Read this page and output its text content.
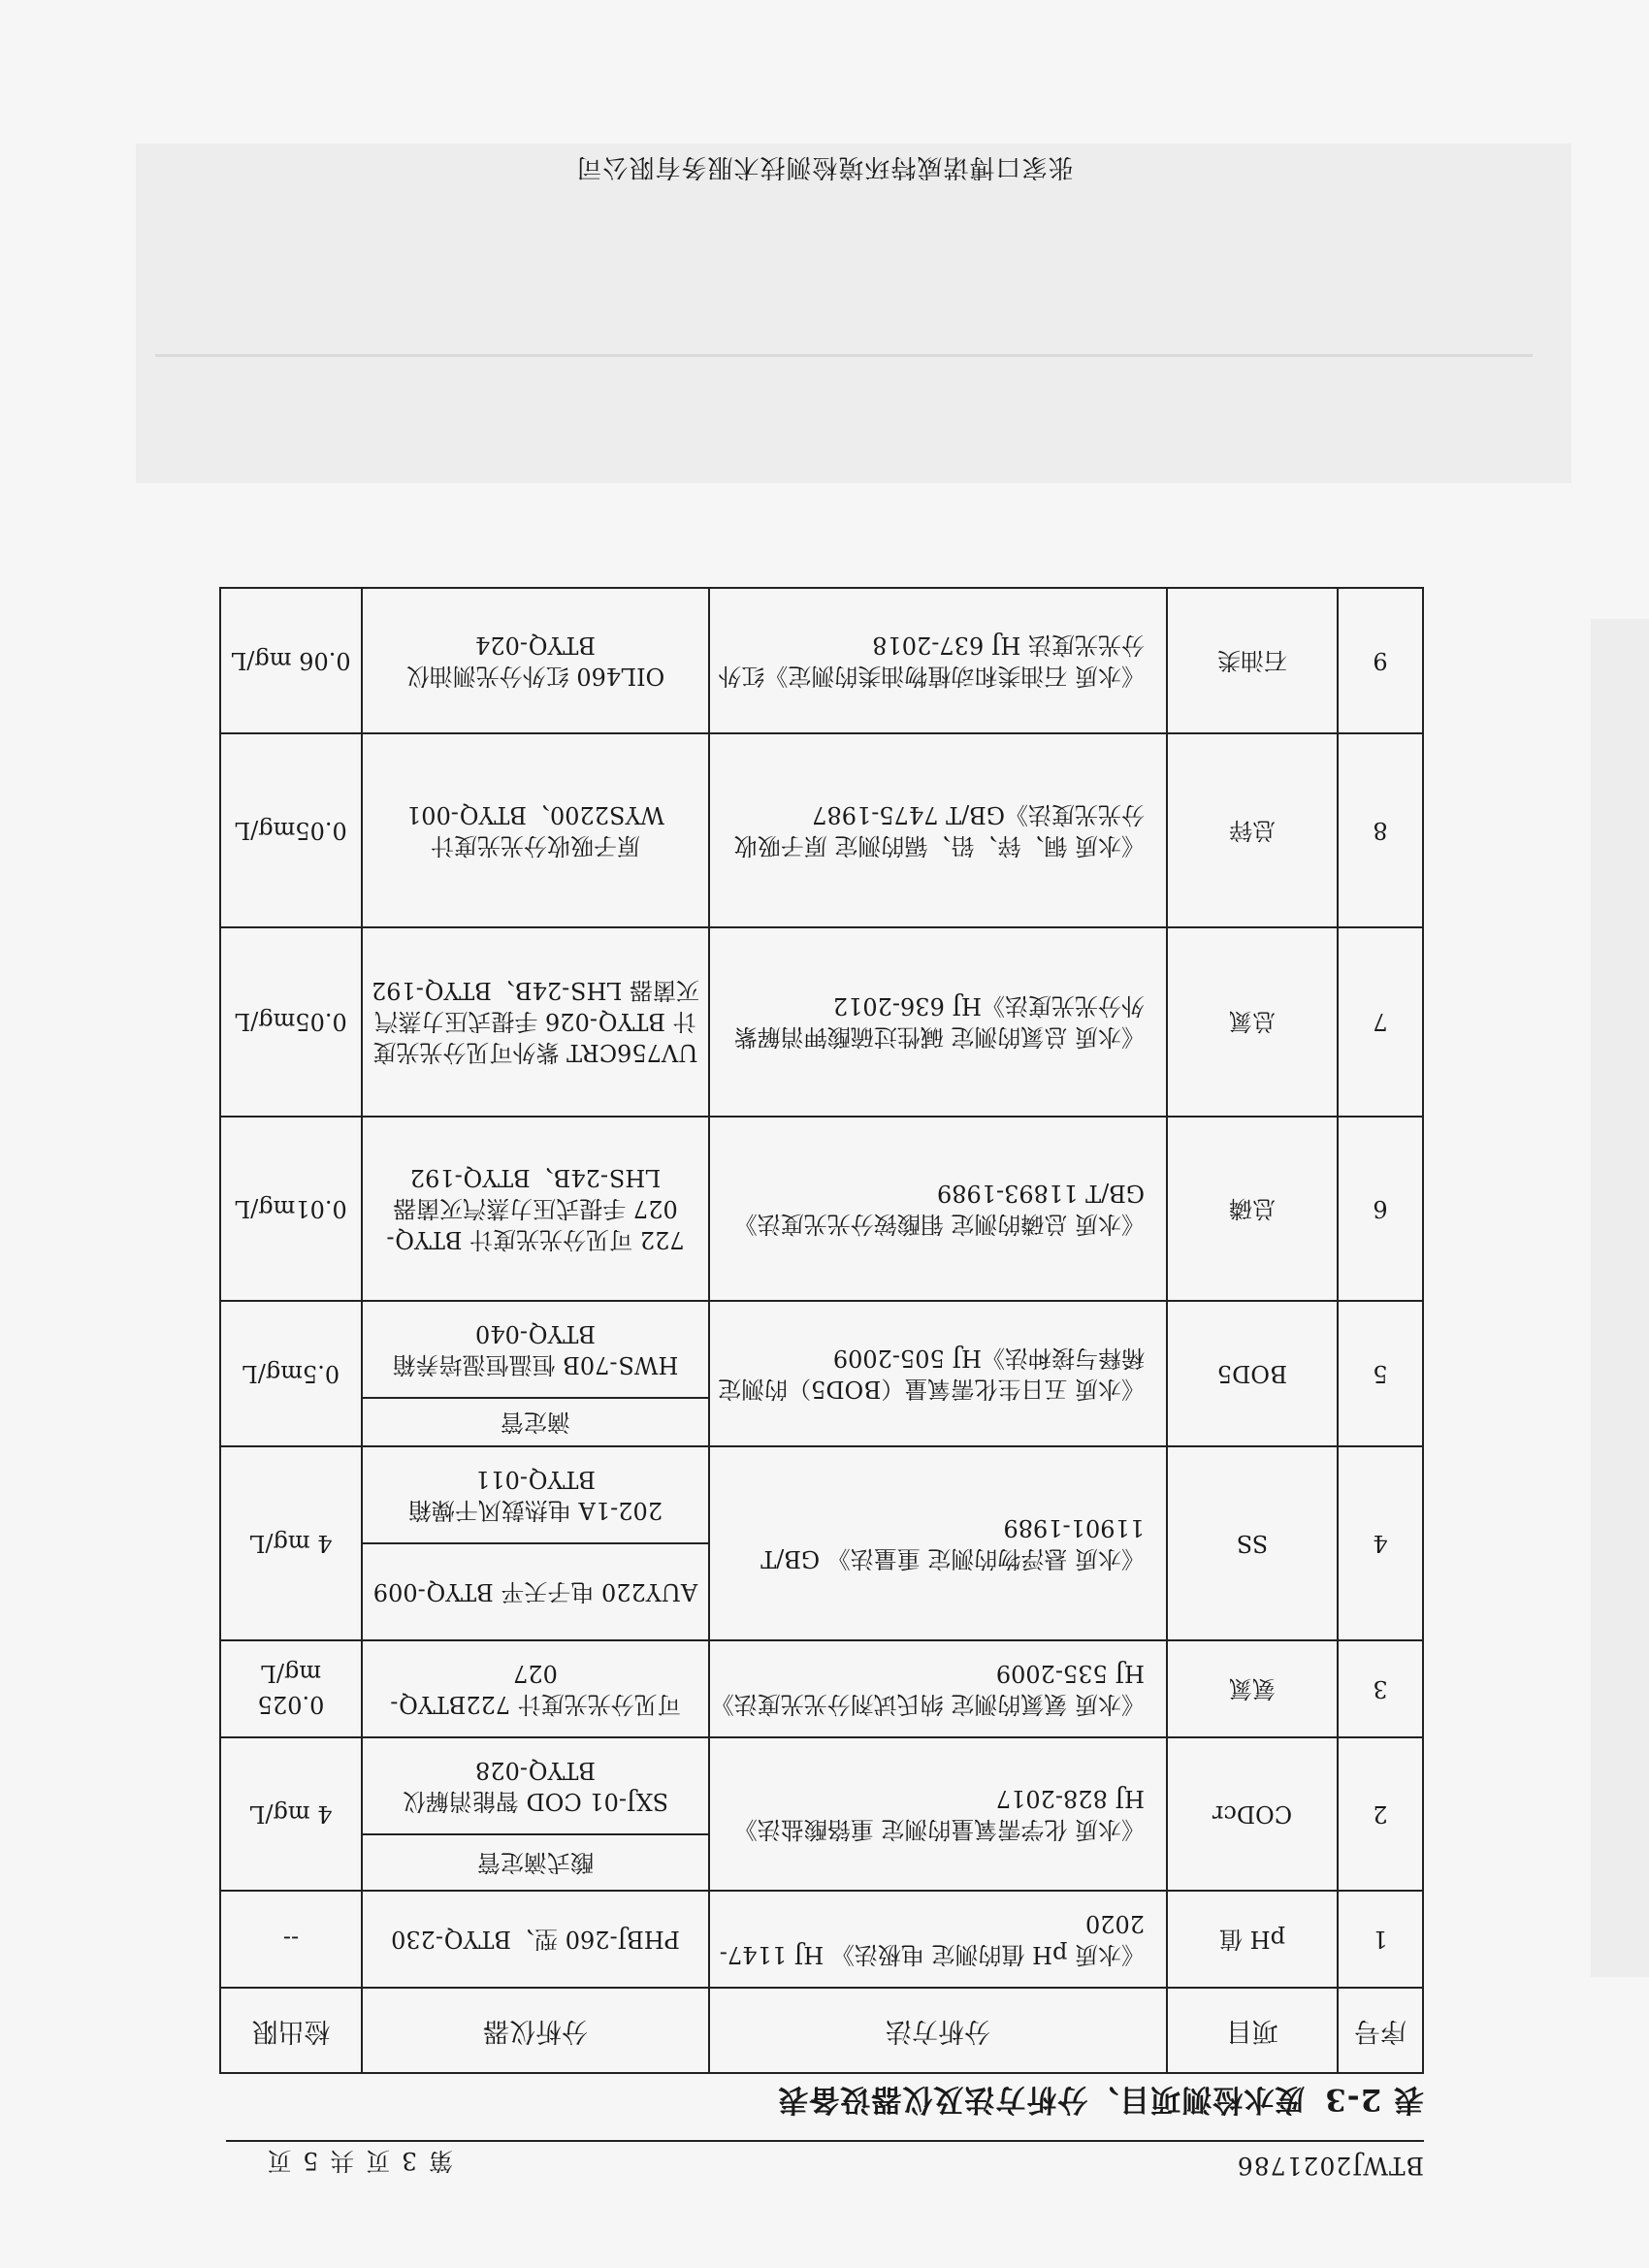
BTWJ2021786
第 3 页 共 5 页
表 2-3 废水检测项目、分析方法及仪器设备表
序号	项目	分析方法	分析仪器	检出限
1	pH 值	《水质 pH 值的测定 电极法》 HJ 1147-2020	PHBJ-260 型、BTYQ-230	--
2	CODcr	《水质 化学需氧量的测定 重铬酸盐法》HJ 828-2017	酸式滴定管	4 mg/L
			SXJ-01 COD 智能消解仪 BTYQ-028	
3	氨氮	《水质 氨氮的测定 纳氏试剂分光光度法》HJ 535-2009	可见分光光度计 722BTYQ-027	0.025 mg/L
4	SS	《水质 悬浮物的测定 重量法》 GB/T 11901-1989	AUY220 电子天平 BTYQ-009	4 mg/L
			202-1A 电热鼓风干燥箱 BTYQ-011	
5	BOD5	《水质 五日生化需氧量（BOD5）的测定 稀释与接种法》HJ 505-2009	滴定管	0.5mg/L
			HWS-70B 恒温恒湿培养箱 BTYQ-040	
6	总磷	《水质 总磷的测定 钼酸铵分光光度法》GB/T 11893-1989	722 可见分光光度计 BTYQ-027 手提式压力蒸汽灭菌器 LHS-24B、BTYQ-192	0.01mg/L
7	总氮	《水质 总氮的测定 碱性过硫酸钾消解紫外分光光度法》HJ 636-2012	UV756CRT 紫外可见分光光度计 BTYQ-026 手提式压力蒸汽灭菌器 LHS-24B、BTYQ-192	0.05mg/L
8	总锌	《水质 铜、锌、铅、镉的测定 原子吸收分光光度法》GB/T 7475-1987	原子吸收分光光度计 WYS2200、BTYQ-001	0.05mg/L
9	石油类	《水质 石油类和动植物油类的测定》红外分光光度法 HJ 637-2018	OIL460 红外分光测油仪 BTYQ-024	0.06 mg/L
张家口博诺威特环境检测技术服务有限公司
